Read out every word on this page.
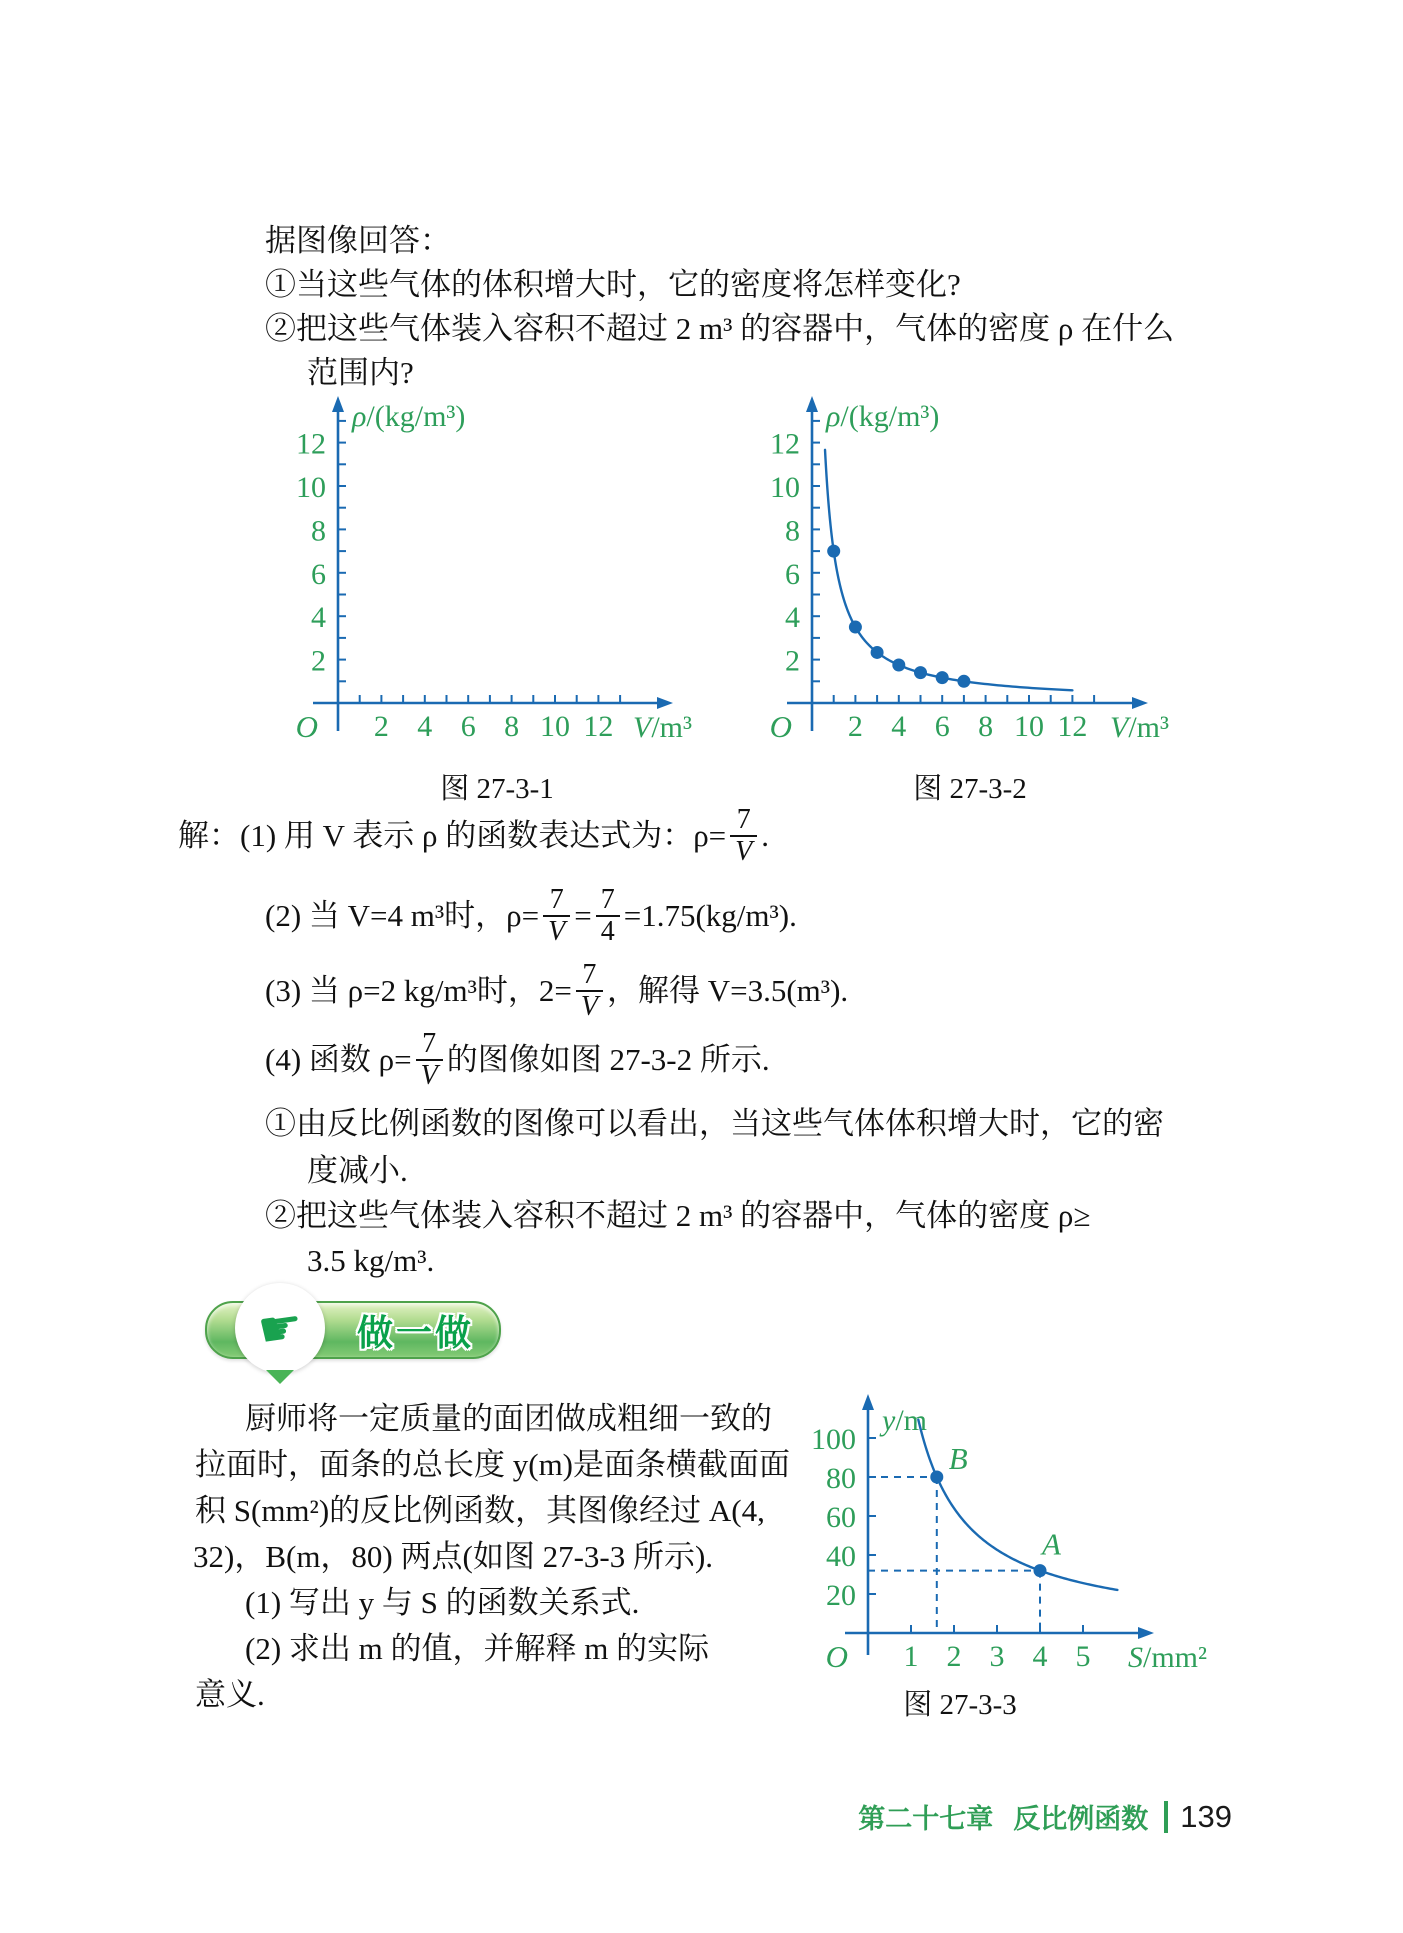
据图像回答：
①当这些气体的体积增大时，它的密度将怎样变化?
②把这些气体装入容积不超过 2 m³ 的容器中，气体的密度 ρ 在什么
范围内?
解：(1) 用 V 表示 ρ 的函数表达式为：$\rho= \frac{7}{V}$ .
(2) 当 V=4 m³时，$\rho= \frac{7}{V} = \frac{7}{4} =1.75(kg/m^3)$.
(3) 当 ρ=2 kg/m³时，$2= \frac{7}{V}$ ，解得 V=3.5(m³).
(4) 函数 $\rho= \frac{7}{V}$ 的图像如图 27-3-2 所示.
①由反比例函数的图像可以看出，当这些气体体积增大时，它的密
度减小.
②把这些气体装入容积不超过 2 m³ 的容器中，气体的密度 ρ≥
3.5 kg/m³.
厨师将一定质量的面团做成粗细一致的
拉面时，面条的总长度 y(m)是面条横截面面
积 S(mm²)的反比例函数，其图像经过 A(4,
32)，B(m，80) 两点(如图 27-3-3 所示).
(1) 写出 y 与 S 的函数关系式.
(2) 求出 m 的值，并解释 m 的实际
意义.
图 27-3-1	图 27-3-2
图 27-3-3
☛ 做一做
第二十七章 反比例函数 139
2 4 6 8 10 12
2
4
6
8
10
12
O	V/m³
ρ/(kg/m³)
2 4 6 8 10 12
2
4
6
8
10
12
O	V/m³
ρ/(kg/m³)
1 2 3 4 5
20
40
60
80
100
O	S/mm²
y/m
B
A
